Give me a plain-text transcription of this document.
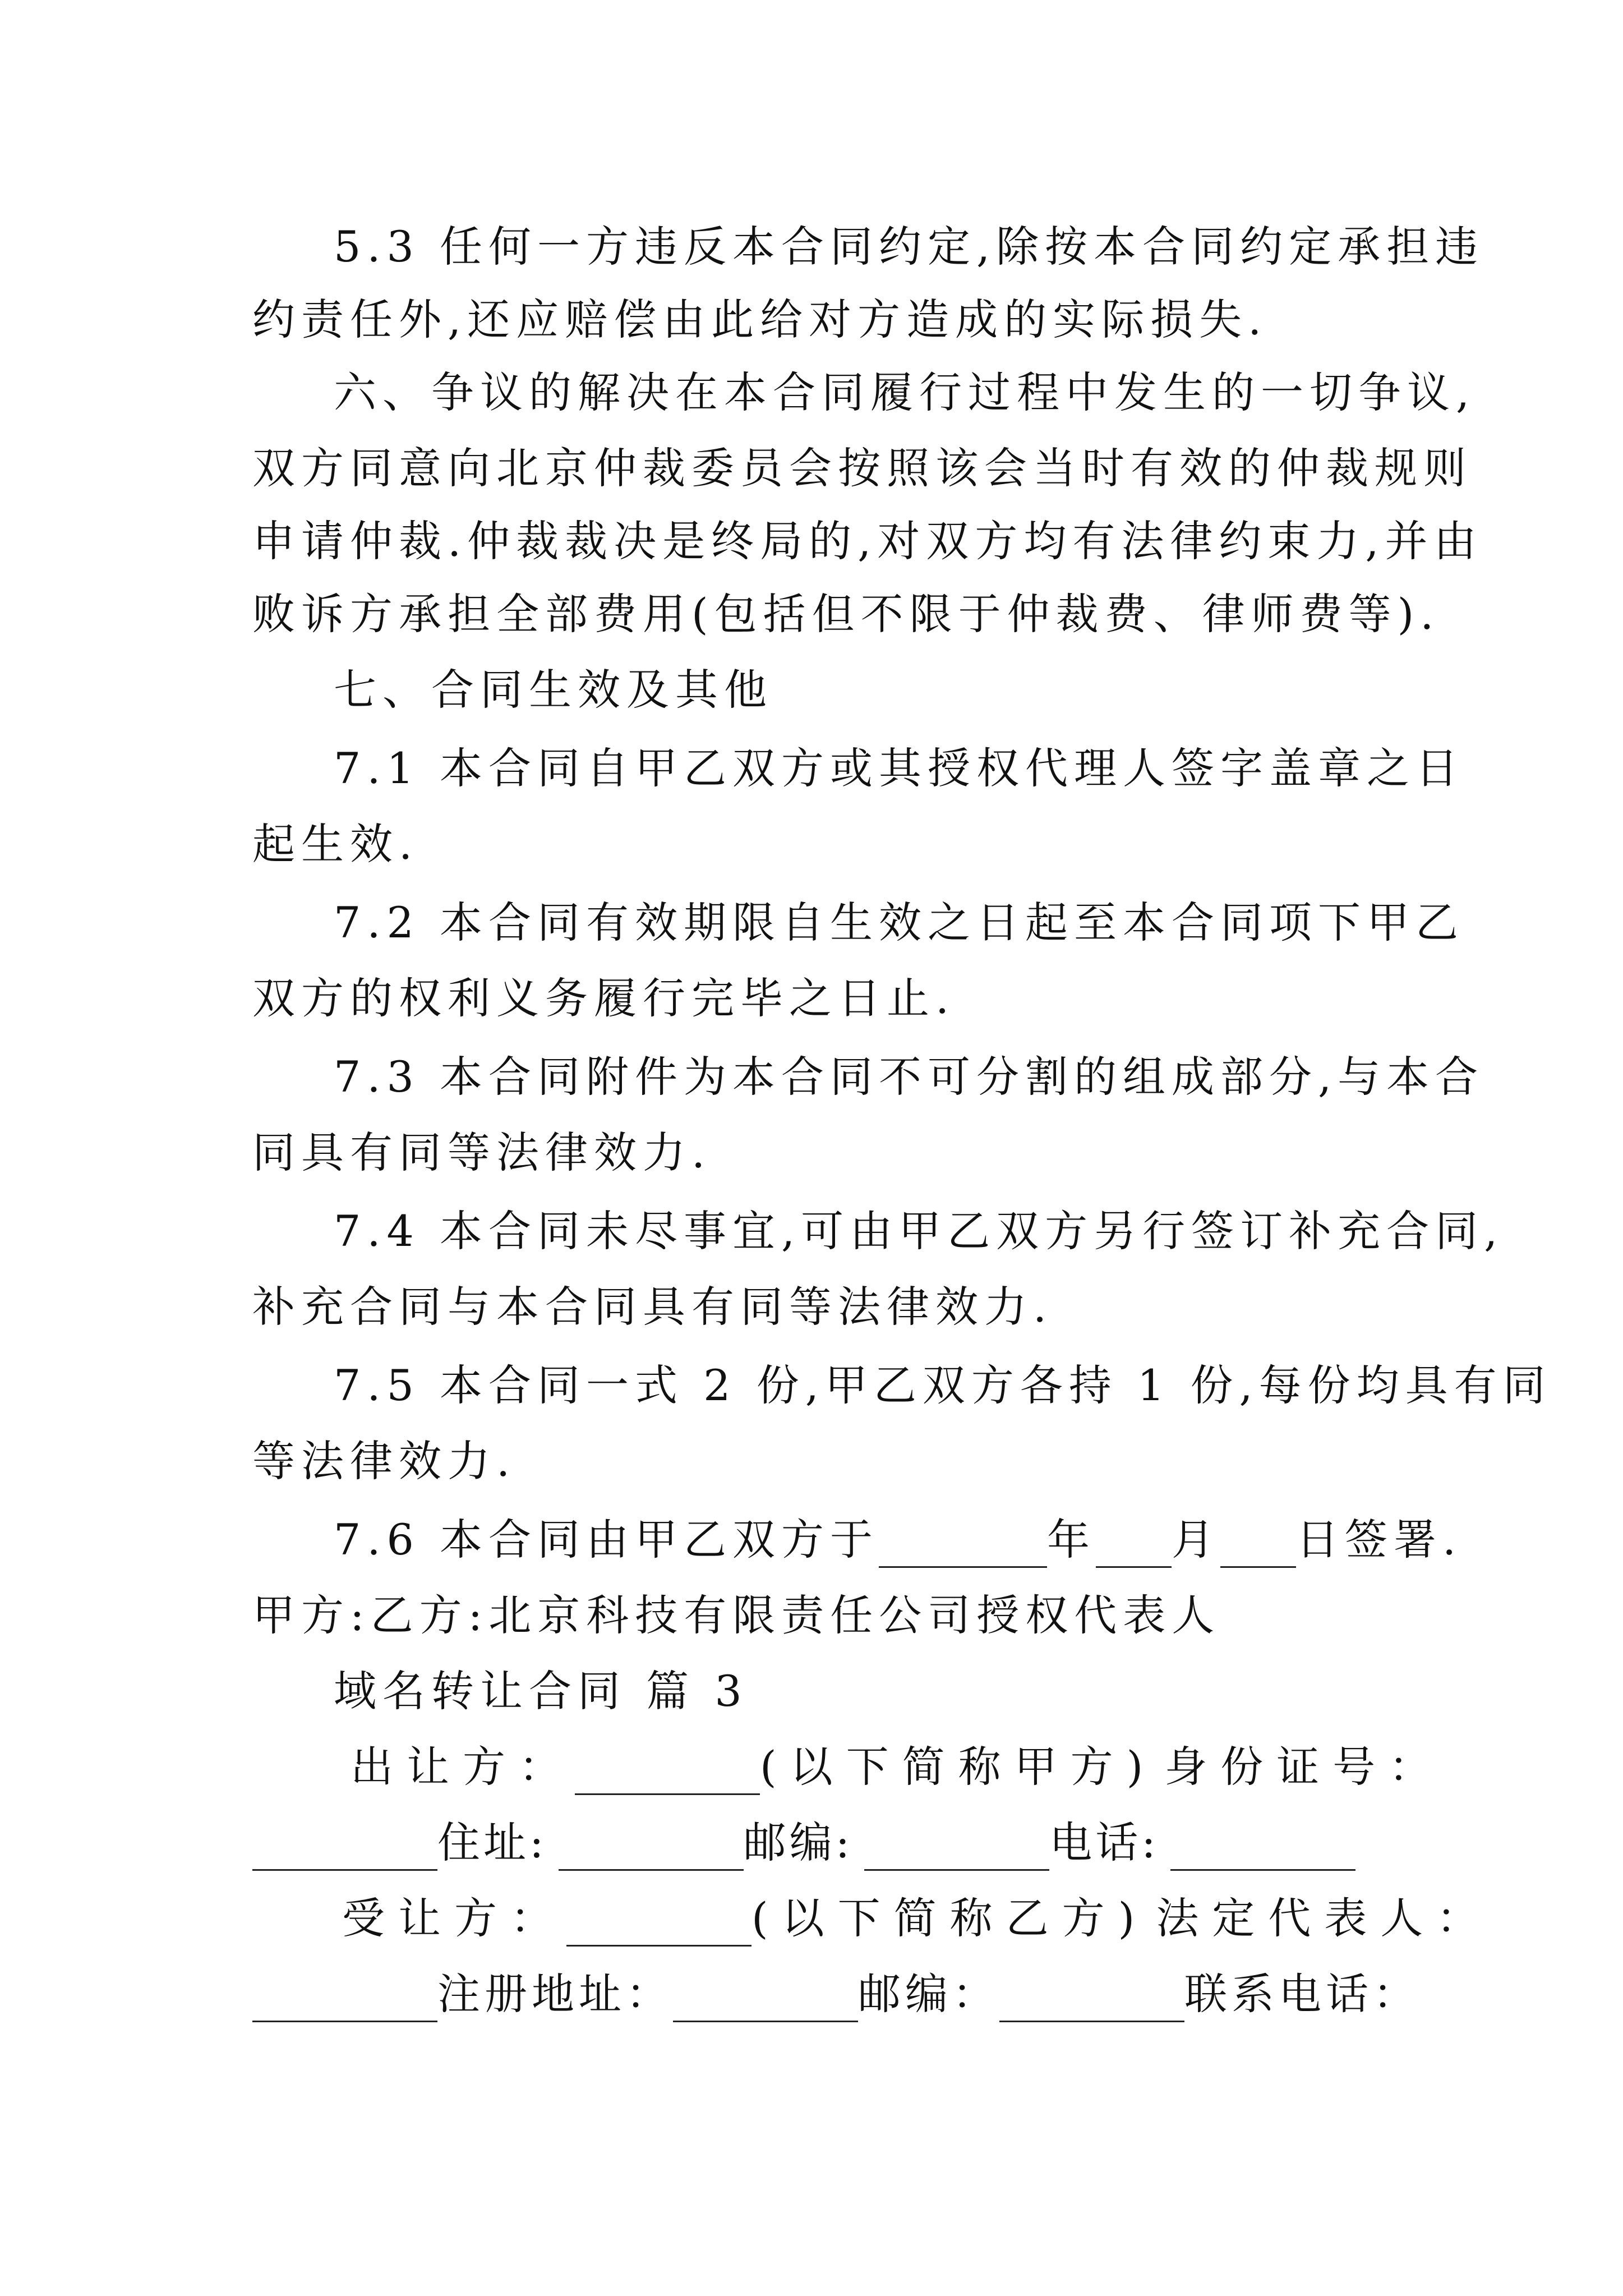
5.3 任何一方违反本合同约定,除按本合同约定承担违
约责任外,还应赔偿由此给对方造成的实际损失.
六、争议的解决在本合同履行过程中发生的一切争议,
双方同意向北京仲裁委员会按照该会当时有效的仲裁规则
申请仲裁.仲裁裁决是终局的,对双方均有法律约束力,并由
败诉方承担全部费用(包括但不限于仲裁费、律师费等).
七、合同生效及其他
7.1 本合同自甲乙双方或其授权代理人签字盖章之日
起生效.
7.2 本合同有效期限自生效之日起至本合同项下甲乙
双方的权利义务履行完毕之日止.
7.3 本合同附件为本合同不可分割的组成部分,与本合
同具有同等法律效力.
7.4 本合同未尽事宜,可由甲乙双方另行签订补充合同,
补充合同与本合同具有同等法律效力.
7.5 本合同一式 2 份,甲乙双方各持 1 份,每份均具有同
等法律效力.
7.6 本合同由甲乙双方于	年 月 日签署.
甲方:乙方:北京科技有限责任公司授权代表人
域名转让合同 篇 3
出让方：	(以下简称甲方) 身份证号：
住址:	邮编:	电话:
受让方：	(以下简称乙方) 法定代表人：
注册地址：	邮编：	联系电话：
